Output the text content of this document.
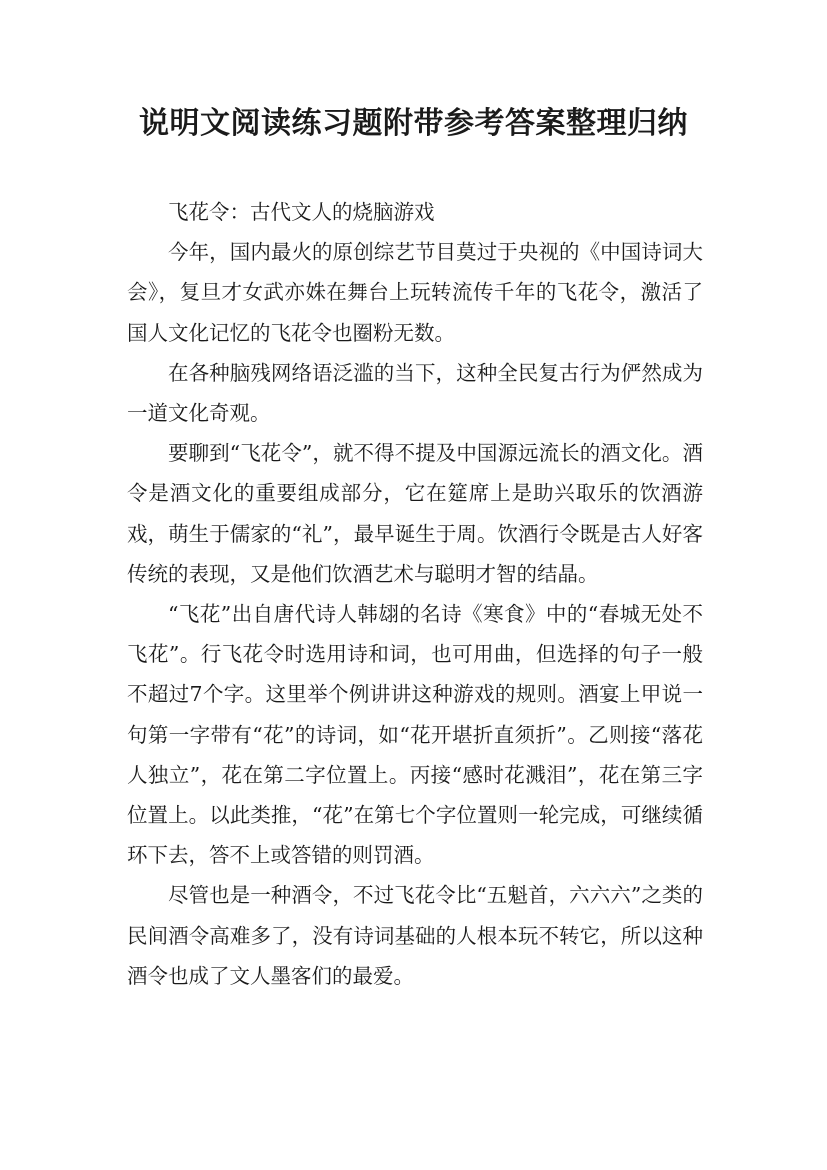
说明文阅读练习题附带参考答案整理归纳

飞花令：古代文人的烧脑游戏

今年，国内最火的原创综艺节目莫过于央视的《中国诗词大会》，复旦才女武亦姝在舞台上玩转流传千年的飞花令，激活了国人文化记忆的飞花令也圈粉无数。

在各种脑残网络语泛滥的当下，这种全民复古行为俨然成为一道文化奇观。

要聊到“飞花令”，就不得不提及中国源远流长的酒文化。酒令是酒文化的重要组成部分，它在筵席上是助兴取乐的饮酒游戏，萌生于儒家的“礼”，最早诞生于周。饮酒行令既是古人好客传统的表现，又是他们饮酒艺术与聪明才智的结晶。

“飞花”出自唐代诗人韩翃的名诗《寒食》中的“春城无处不飞花”。行飞花令时选用诗和词，也可用曲，但选择的句子一般不超过7个字。这里举个例讲讲这种游戏的规则。酒宴上甲说一句第一字带有“花”的诗词，如“花开堪折直须折”。乙则接“落花人独立”，花在第二字位置上。丙接“感时花溅泪”，花在第三字位置上。以此类推，“花”在第七个字位置则一轮完成，可继续循环下去，答不上或答错的则罚酒。

尽管也是一种酒令，不过飞花令比“五魁首，六六六”之类的民间酒令高难多了，没有诗词基础的人根本玩不转它，所以这种酒令也成了文人墨客们的最爱。
